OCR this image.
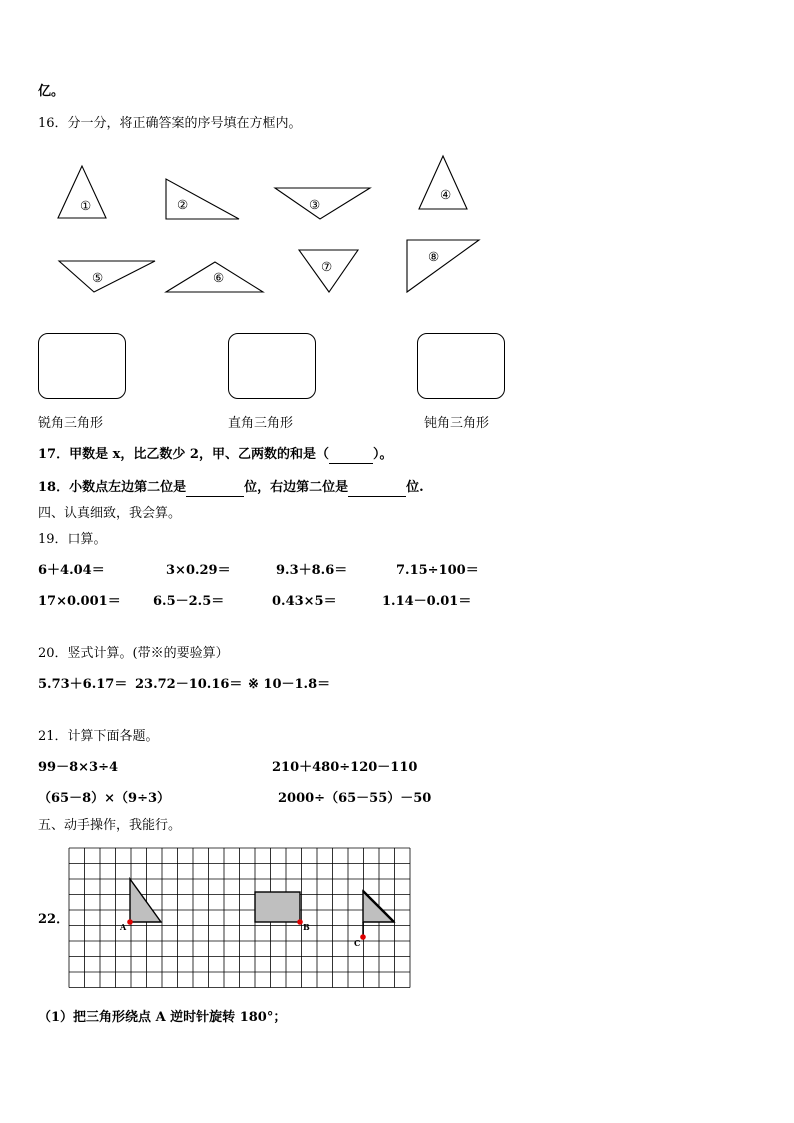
亿。
16．分一分，将正确答案的序号填在方框内。
①	②	③
④
⑤	⑥
⑦
⑧
锐角三角形	直角三角形	钝角三角形
17．甲数是 x，比乙数少 2，甲、乙两数的和是（	）。
18．小数点左边第二位是	位，右边第二位是	位.
四、认真细致，我会算。
19．口算。
6＋4.04＝	3×0.29＝	9.3＋8.6＝	7.15÷100＝
17×0.001＝ 6.5－2.5＝	0.43×5＝	1.14－0.01＝
20．竖式计算。(带※的要验算）
5.73＋6.17＝ 23.72－10.16＝ ※ 10－1.8＝
21．计算下面各题。
99－8×3÷4	210＋480÷120－110
（65－8）×（9÷3）	2000÷（65－55）－50
五、动手操作，我能行。
22．	A	B
C
（1）把三角形绕点 A 逆时针旋转 180°；
